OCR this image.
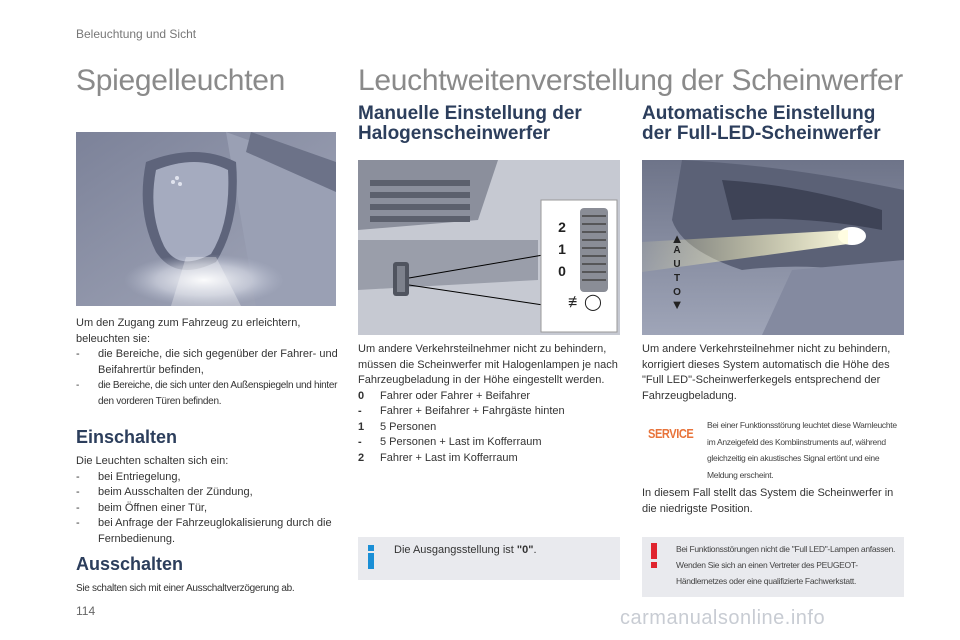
Beleuchtung und Sicht
Spiegelleuchten
Um den Zugang zum Fahrzeug zu erleichtern, beleuchten sie:
- die Bereiche, die sich gegenüber der Fahrer- und Beifahrertür befinden,
- die Bereiche, die sich unter den Außenspiegeln und hinter den vorderen Türen befinden.
Einschalten
Die Leuchten schalten sich ein:
- bei Entriegelung,
- beim Ausschalten der Zündung,
- beim Öffnen einer Tür,
- bei Anfrage der Fahrzeuglokalisierung durch die Fernbedienung.
Ausschalten
Sie schalten sich mit einer Ausschaltverzögerung ab.
Leuchtweitenverstellung der Scheinwerfer
Manuelle Einstellung der
Halogenscheinwerfer
≢◯
2
1
0
Um andere Verkehrsteilnehmer nicht zu behindern, müssen die Scheinwerfer mit Halogenlampen je nach Fahrzeugbeladung in der Höhe eingestellt werden.
0 Fahrer oder Fahrer + Beifahrer
- Fahrer + Beifahrer + Fahrgäste hinten
1 5 Personen
- 5 Personen + Last im Kofferraum
2 Fahrer + Last im Kofferraum
Die Ausgangsstellung ist "0".
Automatische Einstellung
der Full-LED-Scheinwerfer
▲
A
U
T
O
▼
Um andere Verkehrsteilnehmer nicht zu behindern, korrigiert dieses System automatisch die Höhe des "Full LED"-Scheinwerferkegels entsprechend der Fahrzeugbeladung.
SERVICE
Bei einer Funktionsstörung leuchtet diese Warnleuchte im Anzeigefeld des Kombiinstruments auf, während gleichzeitig ein akustisches Signal ertönt und eine Meldung erscheint.
In diesem Fall stellt das System die Scheinwerfer in die niedrigste Position.
Bei Funktionsstörungen nicht die "Full LED"-Lampen anfassen. Wenden Sie sich an einen Vertreter des PEUGEOT-Händlernetzes oder eine qualifizierte Fachwerkstatt.
114	carmanualsonline.info
